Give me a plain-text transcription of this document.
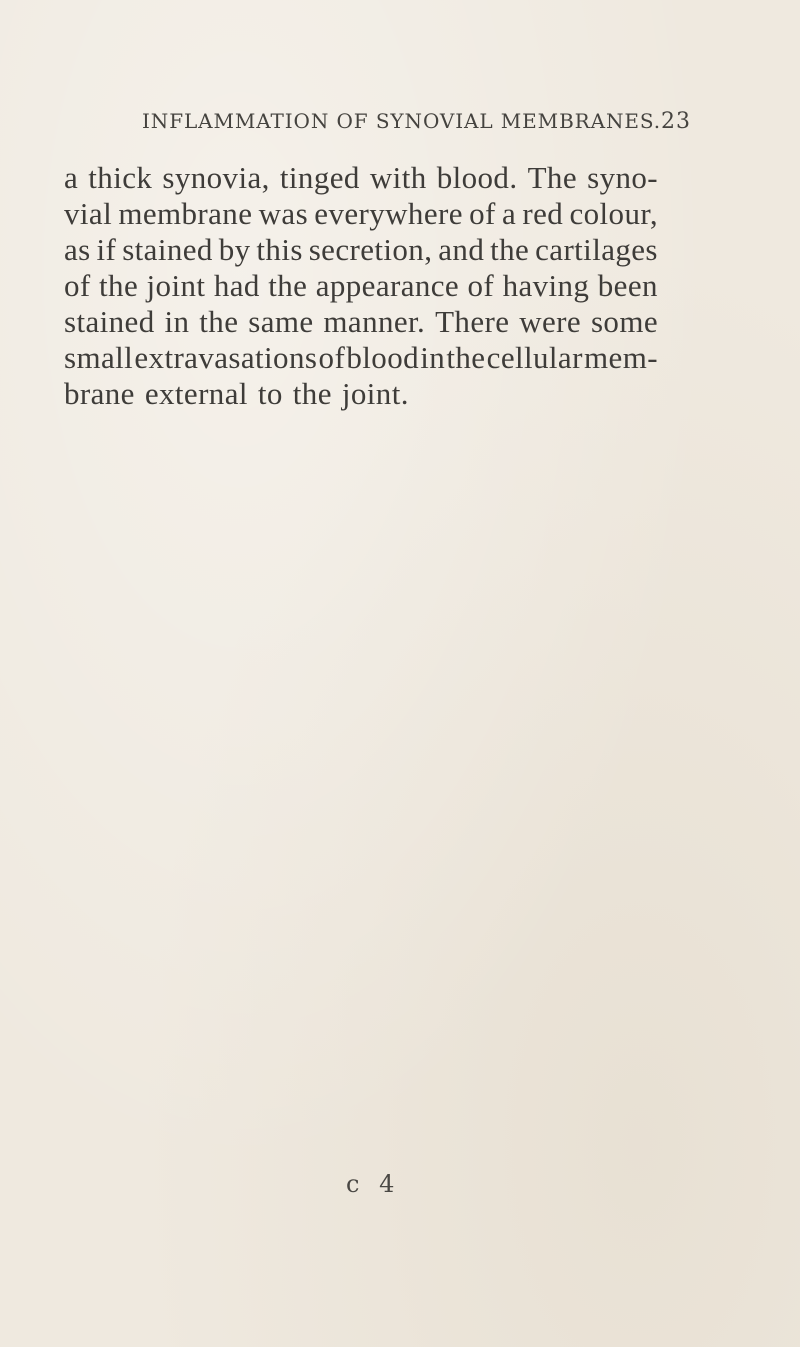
INFLAMMATION OF SYNOVIAL MEMBRANES. 23
a thick synovia, tinged with blood. The syno-
vial membrane was everywhere of a red colour,
as if stained by this secretion, and the cartilages
of the joint had the appearance of having been
stained in the same manner. There were some
small extravasations of blood in the cellular mem-
brane external to the joint.
c 4
